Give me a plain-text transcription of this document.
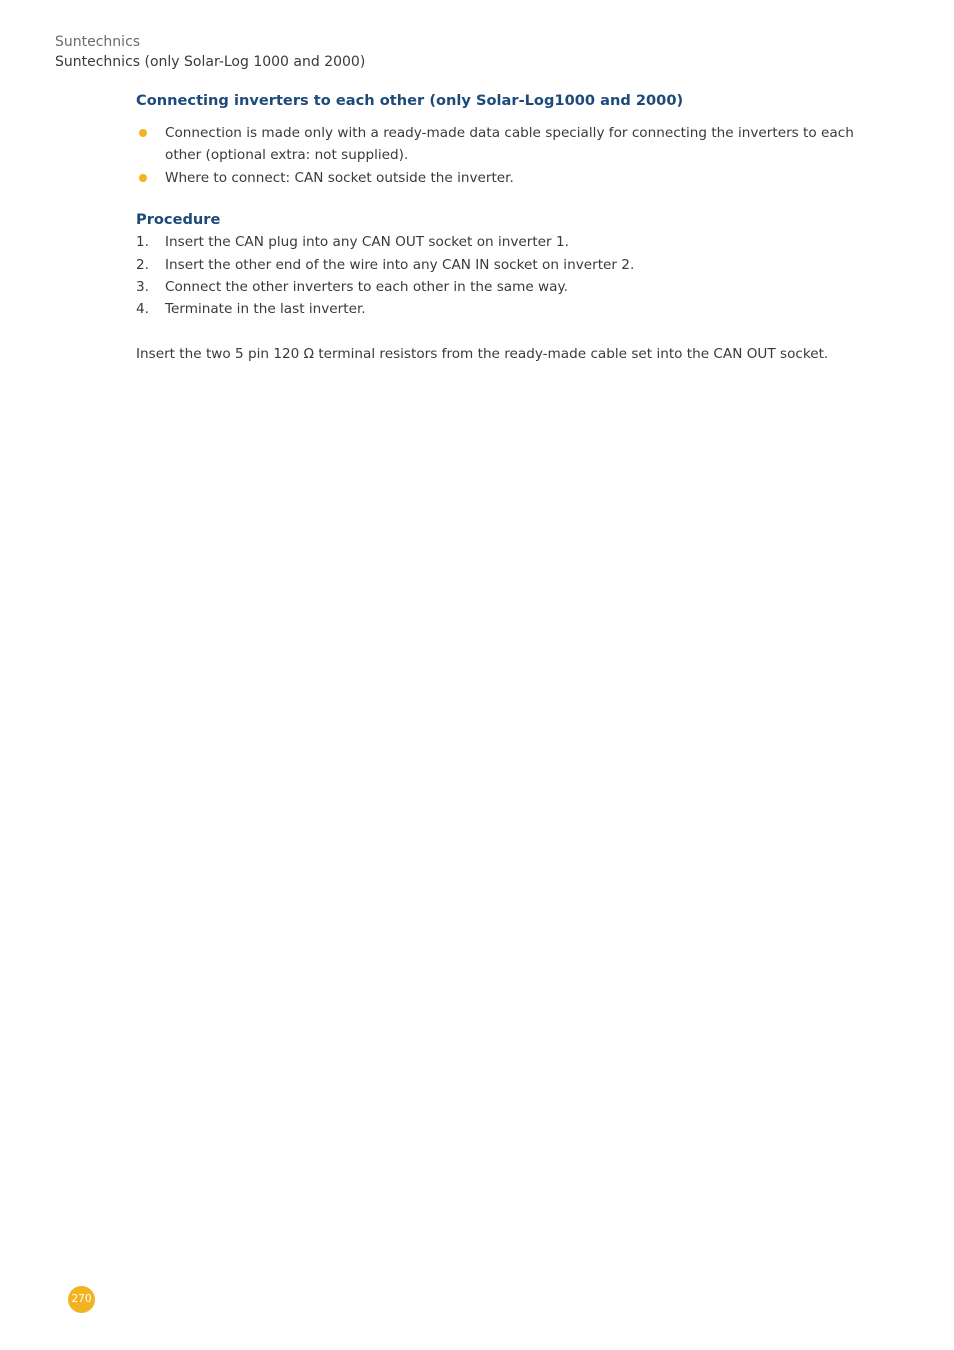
Suntechnics
Suntechnics (only Solar-Log 1000 and 2000)
Connecting inverters to each other (only Solar-Log1000 and 2000)
Connection is made only with a ready-made data cable specially for connecting the inverters to each other (optional extra: not supplied).
Where to connect: CAN socket outside the inverter.
Procedure
1. Insert the CAN plug into any CAN OUT socket on inverter 1.
2. Insert the other end of the wire into any CAN IN socket on inverter 2.
3. Connect the other inverters to each other in the same way.
4. Terminate in the last inverter.

Insert the two 5 pin 120 Ω terminal resistors from the ready-made cable set into the CAN OUT socket.

270
